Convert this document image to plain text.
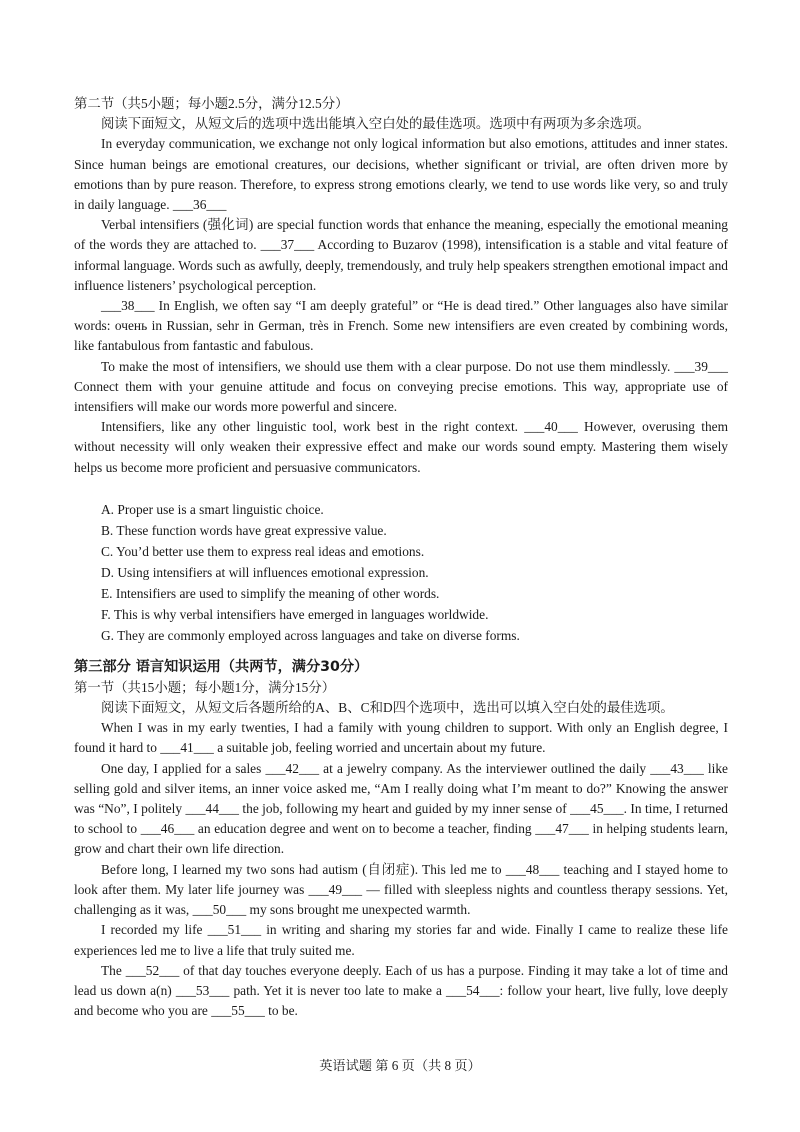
第二节（共5小题；每小题2.5分，满分12.5分）
阅读下面短文，从短文后的选项中选出能填入空白处的最佳选项。选项中有两项为多余选项。

In everyday communication, we exchange not only logical information but also emotions, attitudes and inner states. Since human beings are emotional creatures, our decisions, whether significant or trivial, are often driven more by emotions than by pure reason. Therefore, to express strong emotions clearly, we tend to use words like very, so and truly in daily language. ___36___

Verbal intensifiers (强化词) are special function words that enhance the meaning, especially the emotional meaning of the words they are attached to. ___37___ According to Buzarov (1998), intensification is a stable and vital feature of informal language. Words such as awfully, deeply, tremendously, and truly help speakers strengthen emotional impact and influence listeners’ psychological perception.

___38___ In English, we often say “I am deeply grateful” or “He is dead tired.” Other languages also have similar words: очень in Russian, sehr in German, très in French. Some new intensifiers are even created by combining words, like fantabulous from fantastic and fabulous.

To make the most of intensifiers, we should use them with a clear purpose. Do not use them mindlessly. ___39___ Connect them with your genuine attitude and focus on conveying precise emotions. This way, appropriate use of intensifiers will make our words more powerful and sincere.

Intensifiers, like any other linguistic tool, work best in the right context. ___40___ However, overusing them without necessity will only weaken their expressive effect and make our words sound empty. Mastering them wisely helps us become more proficient and persuasive communicators.

A. Proper use is a smart linguistic choice.
B. These function words have great expressive value.
C. You’d better use them to express real ideas and emotions.
D. Using intensifiers at will influences emotional expression.
E. Intensifiers are used to simplify the meaning of other words.
F. This is why verbal intensifiers have emerged in languages worldwide.
G. They are commonly employed across languages and take on diverse forms.
第三部分 语言知识运用（共两节，满分30分）
第一节（共15小题；每小题1分，满分15分）
阅读下面短文，从短文后各题所给的A、B、C和D四个选项中，选出可以填入空白处的最佳选项。

When I was in my early twenties, I had a family with young children to support. With only an English degree, I found it hard to ___41___ a suitable job, feeling worried and uncertain about my future.

One day, I applied for a sales ___42___ at a jewelry company. As the interviewer outlined the daily ___43___ like selling gold and silver items, an inner voice asked me, “Am I really doing what I’m meant to do?” Knowing the answer was “No”, I politely ___44___ the job, following my heart and guided by my inner sense of ___45___. In time, I returned to school to ___46___ an education degree and went on to become a teacher, finding ___47___ in helping students learn, grow and chart their own life direction.

Before long, I learned my two sons had autism (自闭症). This led me to ___48___ teaching and I stayed home to look after them. My later life journey was ___49___ — filled with sleepless nights and countless therapy sessions. Yet, challenging as it was, ___50___ my sons brought me unexpected warmth.

I recorded my life ___51___ in writing and sharing my stories far and wide. Finally I came to realize these life experiences led me to live a life that truly suited me.

The ___52___ of that day touches everyone deeply. Each of us has a purpose. Finding it may take a lot of time and lead us down a(n) ___53___ path. Yet it is never too late to make a ___54___: follow your heart, live fully, love deeply and become who you are ___55___ to be.

英语试题 第 6 页（共 8 页）
